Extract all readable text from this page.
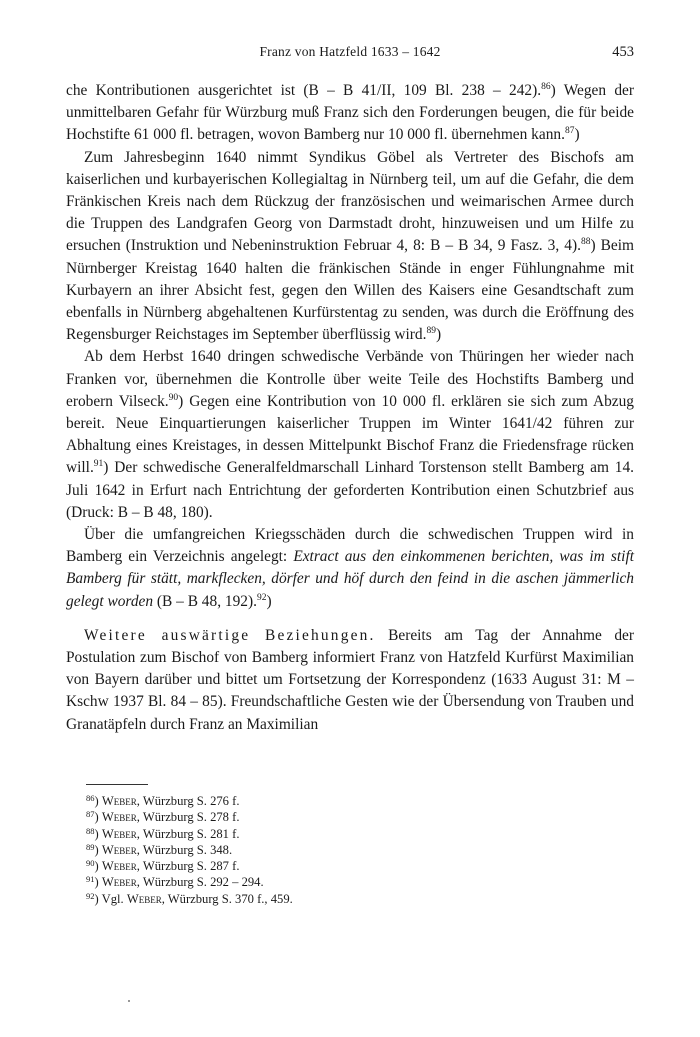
Franz von Hatzfeld 1633 – 1642	453

che Kontributionen ausgerichtet ist (B – B 41/II, 109 Bl. 238 – 242).$^{86}$) Wegen der unmittelbaren Gefahr für Würzburg muß Franz sich den Forderungen beugen, die für beide Hochstifte 61 000 fl. betragen, wovon Bamberg nur 10 000 fl. übernehmen kann.$^{87}$)

Zum Jahresbeginn 1640 nimmt Syndikus Göbel als Vertreter des Bischofs am kaiserlichen und kurbayerischen Kollegialtag in Nürnberg teil, um auf die Gefahr, die dem Fränkischen Kreis nach dem Rückzug der französischen und weimarischen Armee durch die Truppen des Landgrafen Georg von Darmstadt droht, hinzuweisen und um Hilfe zu ersuchen (Instruktion und Nebeninstruktion Februar 4, 8: B – B 34, 9 Fasz. 3, 4).$^{88}$) Beim Nürnberger Kreistag 1640 halten die fränkischen Stände in enger Fühlungnahme mit Kurbayern an ihrer Absicht fest, gegen den Willen des Kaisers eine Gesandtschaft zum ebenfalls in Nürnberg abgehaltenen Kurfürstentag zu senden, was durch die Eröffnung des Regensburger Reichstages im September überflüssig wird.$^{89}$)

Ab dem Herbst 1640 dringen schwedische Verbände von Thüringen her wieder nach Franken vor, übernehmen die Kontrolle über weite Teile des Hochstifts Bamberg und erobern Vilseck.$^{90}$) Gegen eine Kontribution von 10 000 fl. erklären sie sich zum Abzug bereit. Neue Einquartierungen kaiserlicher Truppen im Winter 1641/42 führen zur Abhaltung eines Kreistages, in dessen Mittelpunkt Bischof Franz die Friedensfrage rücken will.$^{91}$) Der schwedische Generalfeldmarschall Linhard Torstenson stellt Bamberg am 14. Juli 1642 in Erfurt nach Entrichtung der geforderten Kontribution einen Schutzbrief aus (Druck: B – B 48, 180).

Über die umfangreichen Kriegsschäden durch die schwedischen Truppen wird in Bamberg ein Verzeichnis angelegt: Extract aus den einkommenen berichten, was im stift Bamberg für stätt, markflecken, dörfer und höf durch den feind in die aschen jämmerlich gelegt worden (B – B 48, 192).$^{92}$)

Weitere auswärtige Beziehungen. Bereits am Tag der Annahme der Postulation zum Bischof von Bamberg informiert Franz von Hatzfeld Kurfürst Maximilian von Bayern darüber und bittet um Fortsetzung der Korrespondenz (1633 August 31: M – Kschw 1937 Bl. 84 – 85). Freundschaftliche Gesten wie der Übersendung von Trauben und Granatäpfeln durch Franz an Maximilian

$^{86}$) Weber, Würzburg S. 276 f.
$^{87}$) Weber, Würzburg S. 278 f.
$^{88}$) Weber, Würzburg S. 281 f.
$^{89}$) Weber, Würzburg S. 348.
$^{90}$) Weber, Würzburg S. 287 f.
$^{91}$) Weber, Würzburg S. 292 – 294.
$^{92}$) Vgl. Weber, Würzburg S. 370 f., 459.
